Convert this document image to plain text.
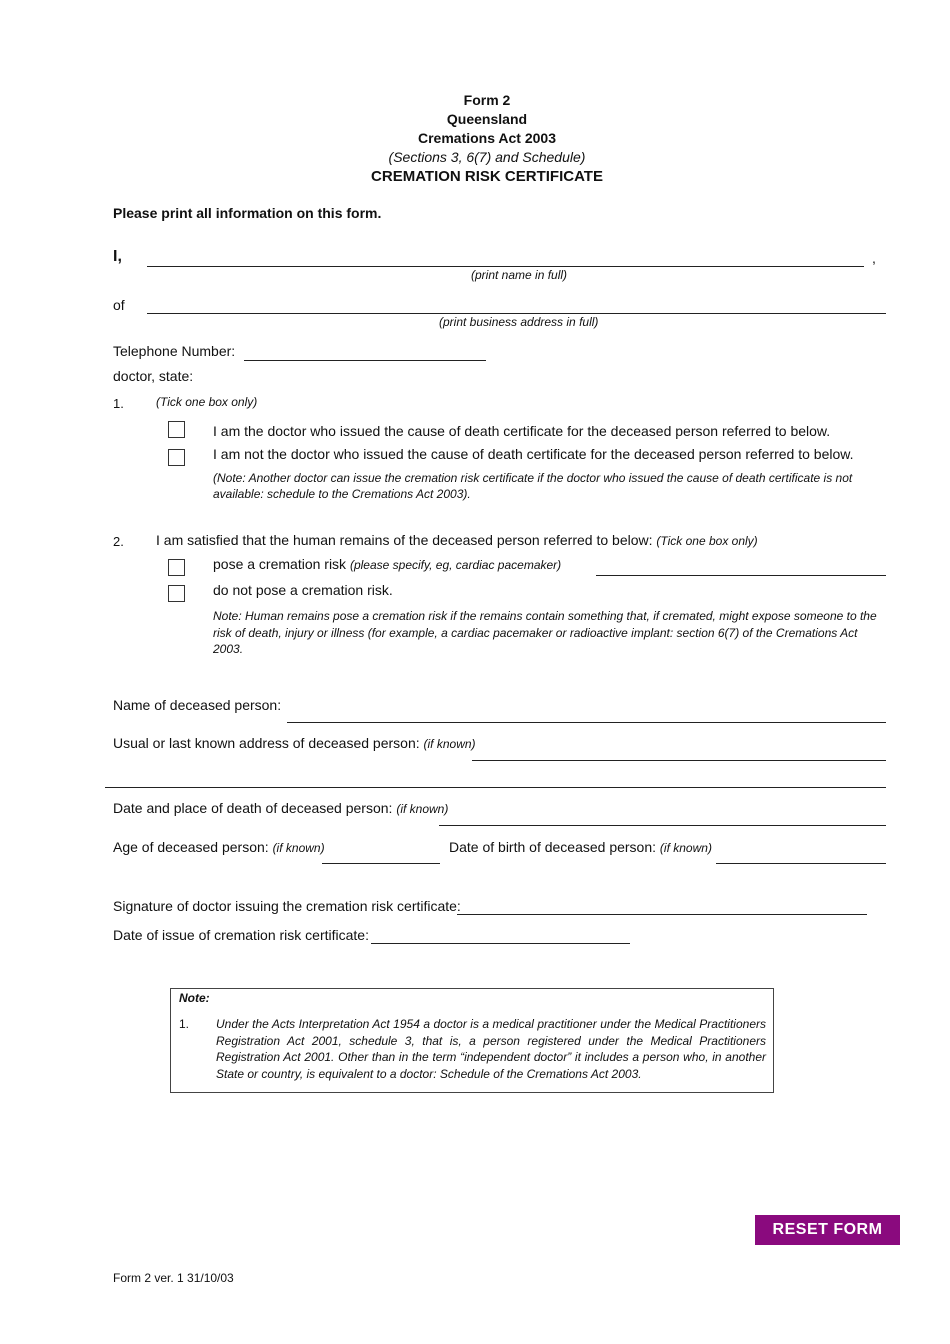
Form 2
Queensland
Cremations Act 2003
(Sections 3, 6(7) and Schedule)
CREMATION RISK CERTIFICATE
Please print all information on this form.
I,	,
(print name in full)
of
(print business address in full)
Telephone Number:
doctor, state:
1.	(Tick one box only)
I am the doctor who issued the cause of death certificate for the deceased person referred to below.
I am not the doctor who issued the cause of death certificate for the deceased person referred to below.
(Note: Another doctor can issue the cremation risk certificate if the doctor who issued the cause of death certificate is not
available: schedule to the Cremations Act 2003).
2. I am satisfied that the human remains of the deceased person referred to below: (Tick one box only)
pose a cremation risk (please specify, eg, cardiac pacemaker)
do not pose a cremation risk.
Note: Human remains pose a cremation risk if the remains contain something that, if cremated, might expose someone to the
risk of death, injury or illness (for example, a cardiac pacemaker or radioactive implant: section 6(7) of the Cremations Act
2003.
Name of deceased person:
Usual or last known address of deceased person: (if known)
Date and place of death of deceased person: (if known)
Age of deceased person: (if known)	Date of birth of deceased person: (if known)
Signature of doctor issuing the cremation risk certificate:
Date of issue of cremation risk certificate:
Note:
1. Under the Acts Interpretation Act 1954 a doctor is a medical practitioner under the Medical Practitioners
Registration Act 2001, schedule 3, that is, a person registered under the Medical Practitioners
Registration Act 2001. Other than in the term “independent doctor” it includes a person who, in another
State or country, is equivalent to a doctor: Schedule of the Cremations Act 2003.
RESET FORM
Form 2 ver. 1 31/10/03
